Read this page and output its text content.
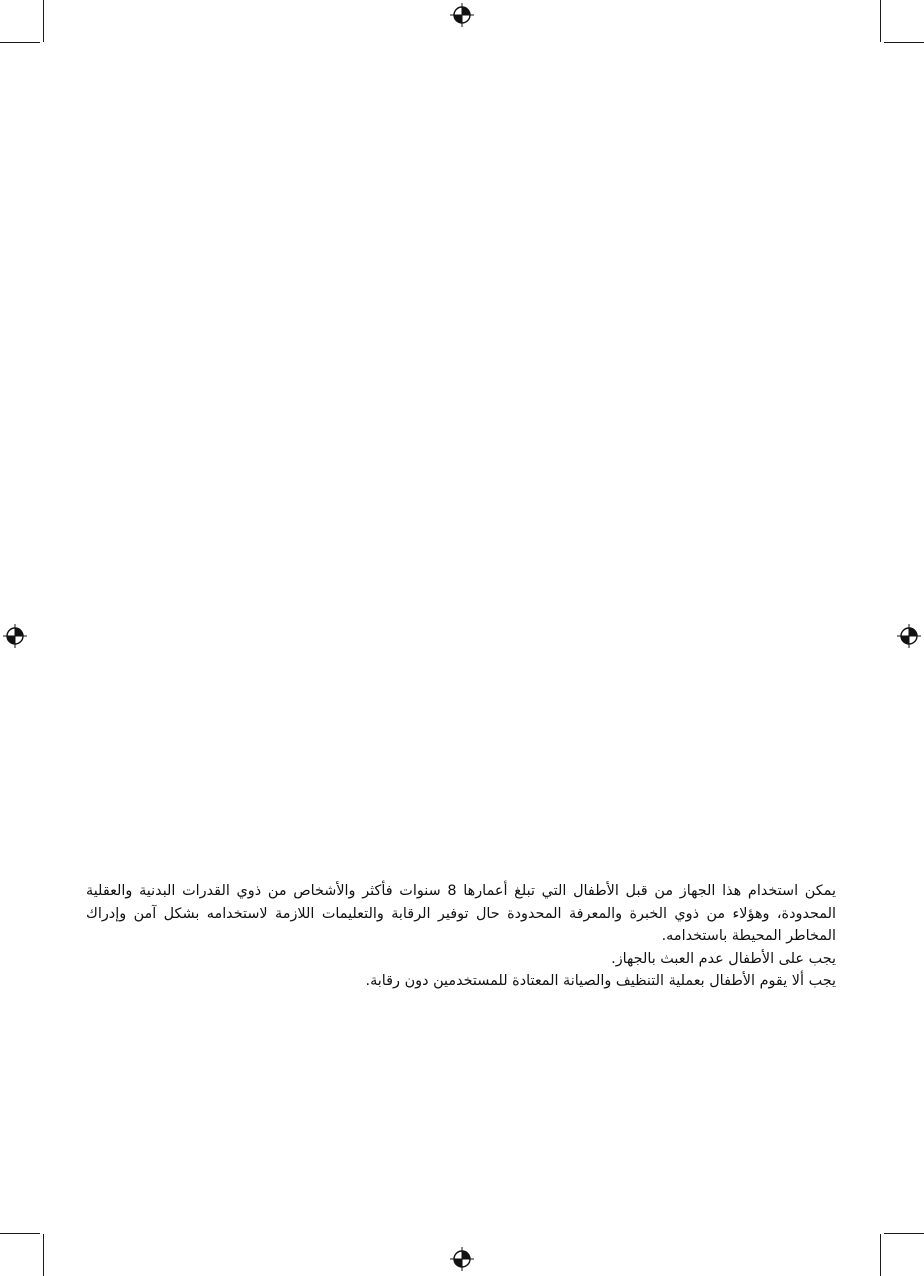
يمكن استخدام هذا الجهاز من قبل الأطفال التي تبلغ أعمارها 8 سنوات فأكثر والأشخاص من ذوي القدرات البدنية والعقلية المحدودة، وهؤلاء من ذوي الخبرة والمعرفة المحدودة حال توفير الرقابة والتعليمات اللازمة لاستخدامه بشكل آمن وإدراك المخاطر المحيطة باستخدامه.

يجب على الأطفال عدم العبث بالجهاز.

يجب ألا يقوم الأطفال بعملية التنظيف والصيانة المعتادة للمستخدمين دون رقابة.
